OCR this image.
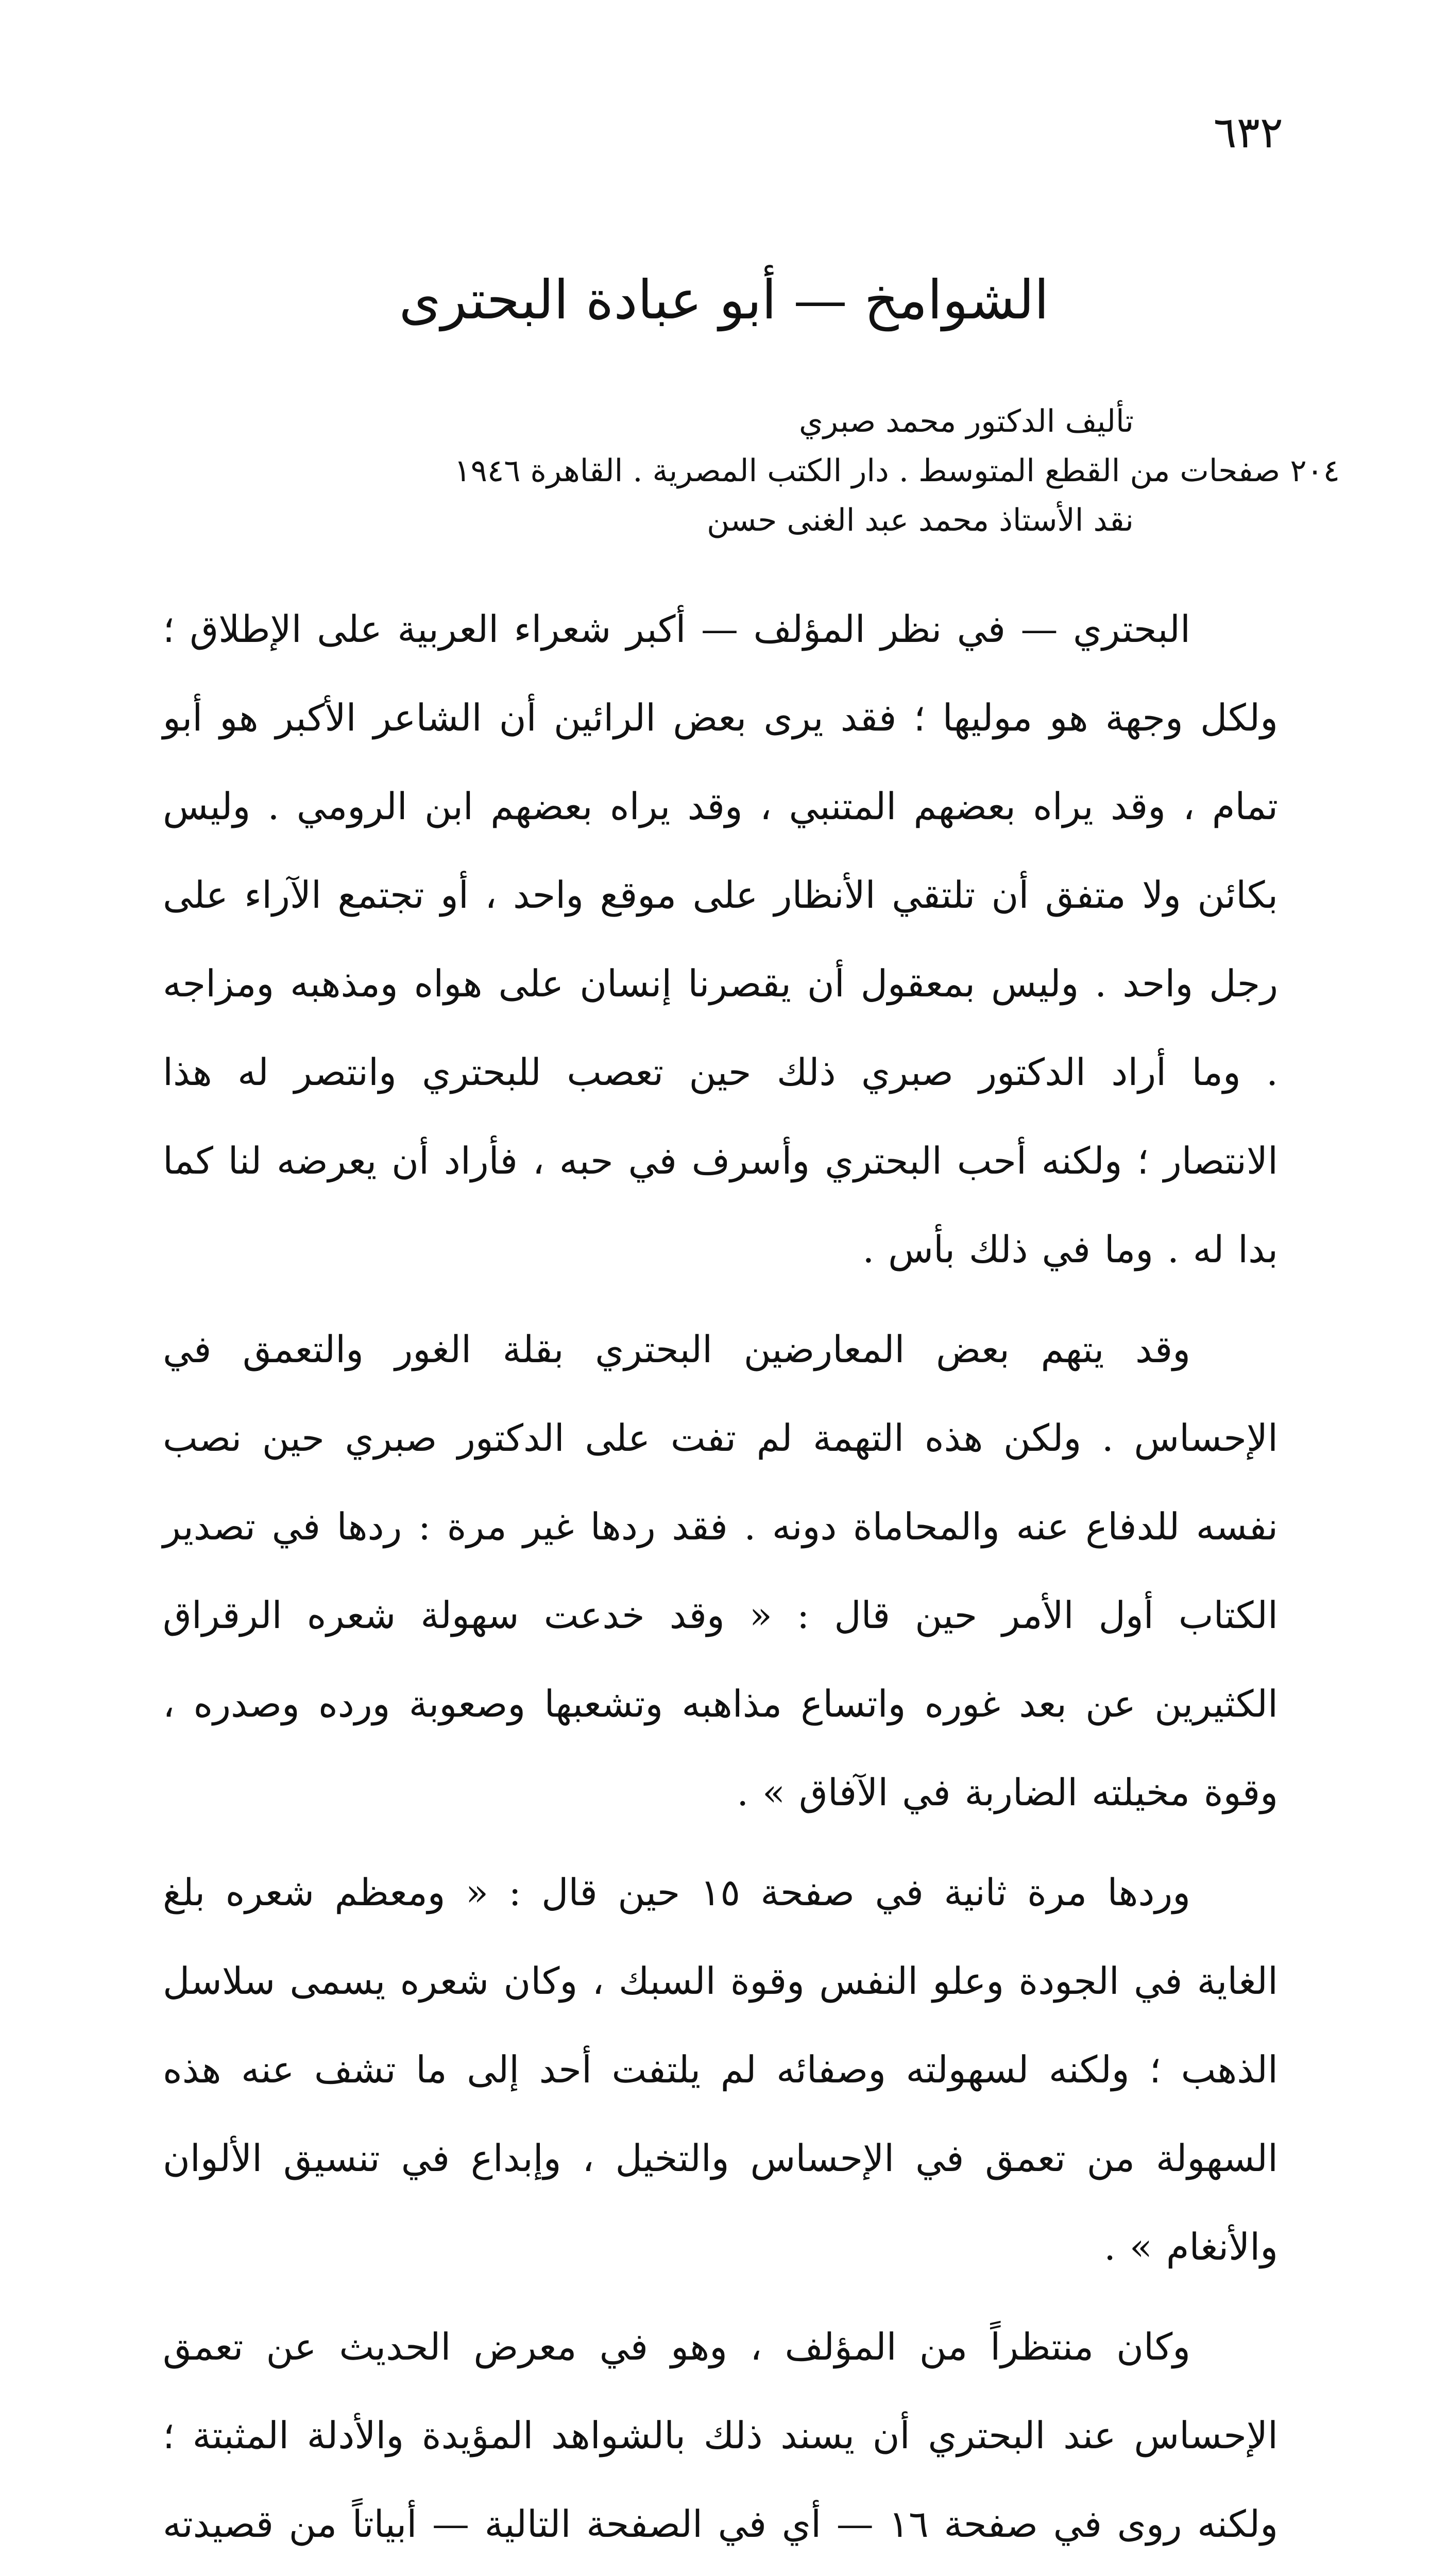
٦٣٢
الشوامخ — أبو عبادة البحترى
تأليف الدكتور محمد صبري
٢٠٤ صفحات من القطع المتوسط . دار الكتب المصرية . القاهرة ١٩٤٦
نقد الأستاذ محمد عبد الغنى حسن

البحتري — في نظر المؤلف — أكبر شعراء العربية على الإطلاق ؛ ولكل وجهة هو موليها ؛ فقد يرى بعض الرائين أن الشاعر الأكبر هو أبو تمام ، وقد يراه بعضهم المتنبي ، وقد يراه بعضهم ابن الرومي . وليس بكائن ولا متفق أن تلتقي الأنظار على موقع واحد ، أو تجتمع الآراء على رجل واحد . وليس بمعقول أن يقصرنا إنسان على هواه ومذهبه ومزاجه . وما أراد الدكتور صبري ذلك حين تعصب للبحتري وانتصر له هذا الانتصار ؛ ولكنه أحب البحتري وأسرف في حبه ، فأراد أن يعرضه لنا كما بدا له . وما في ذلك بأس .

وقد يتهم بعض المعارضين البحتري بقلة الغور والتعمق في الإحساس . ولكن هذه التهمة لم تفت على الدكتور صبري حين نصب نفسه للدفاع عنه والمحاماة دونه . فقد ردها غير مرة : ردها في تصدير الكتاب أول الأمر حين قال : « وقد خدعت سهولة شعره الرقراق الكثيرين عن بعد غوره واتساع مذاهبه وتشعبها وصعوبة ورده وصدره ، وقوة مخيلته الضاربة في الآفاق » .

وردها مرة ثانية في صفحة ١٥ حين قال : « ومعظم شعره بلغ الغاية في الجودة وعلو النفس وقوة السبك ، وكان شعره يسمى سلاسل الذهب ؛ ولكنه لسهولته وصفائه لم يلتفت أحد إلى ما تشف عنه هذه السهولة من تعمق في الإحساس والتخيل ، وإبداع في تنسيق الألوان والأنغام » .

وكان منتظراً من المؤلف ، وهو في معرض الحديث عن تعمق الإحساس عند البحتري أن يسند ذلك بالشواهد المؤيدة والأدلة المثبتة ؛ ولكنه روى في صفحة ١٦ — أي في الصفحة التالية — أبياتاً من قصيدته
